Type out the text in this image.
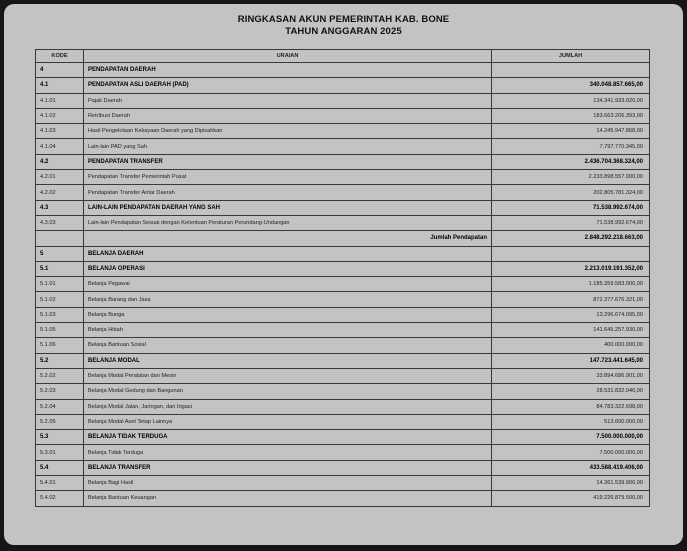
RINGKASAN AKUN PEMERINTAH KAB. BONE
TAHUN ANGGARAN 2025
KODE	URAIAN	JUMLAH
4	PENDAPATAN DAERAH	
4.1	PENDAPATAN ASLI DAERAH (PAD)	340.048.857.665,00
4.1.01	Pajak Daerah	134.341.933.020,00
4.1.02	Retribusi Daerah	183.663.206.393,00
4.1.03	Hasil Pengelolaan Kekayaan Daerah yang Dipisahkan	14.245.947.868,00
4.1.04	Lain-lain PAD yang Sah	7.797.770.345,00
4.2	PENDAPATAN TRANSFER	2.436.704.368.324,00
4.2.01	Pendapatan Transfer Pemerintah Pusat	2.233.898.557.000,00
4.2.02	Pendapatan Transfer Antar Daerah	202.805.781.324,00
4.3	LAIN-LAIN PENDAPATAN DAERAH YANG SAH	71.538.992.674,00
4.3.03	Lain-lain Pendapatan Sesuai dengan Ketentuan Peraturan Perundang-Undangan	71.538.992.674,00
	Jumlah Pendapatan	2.848.292.218.663,00
5	BELANJA DAERAH	
5.1	BELANJA OPERASI	2.213.019.191.352,00
5.1.01	Belanja Pegawai	1.185.359.583.006,00
5.1.02	Belanja Barang dan Jasa	872.377.676.321,00
5.1.03	Belanja Bunga	13.296.674.095,00
5.1.05	Belanja Hibah	141.645.257.930,00
5.1.06	Belanja Bantuan Sosial	400.000.000,00
5.2	BELANJA MODAL	147.723.441.645,00
5.2.02	Belanja Modal Peralatan dan Mesin	33.894.686.901,00
5.2.03	Belanja Modal Gedung dan Bangunan	28.531.832.046,00
5.2.04	Belanja Modal Jalan, Jaringan, dan Irigasi	84.783.322.698,00
5.2.05	Belanja Modal Aset Tetap Lainnya	513.600.000,00
5.3	BELANJA TIDAK TERDUGA	7.500.000.000,00
5.3.01	Belanja Tidak Terduga	7.500.000.000,00
5.4	BELANJA TRANSFER	433.588.419.406,00
5.4.01	Belanja Bagi Hasil	14.361.539.906,00
5.4.02	Belanja Bantuan Keuangan	419.226.879.500,00
